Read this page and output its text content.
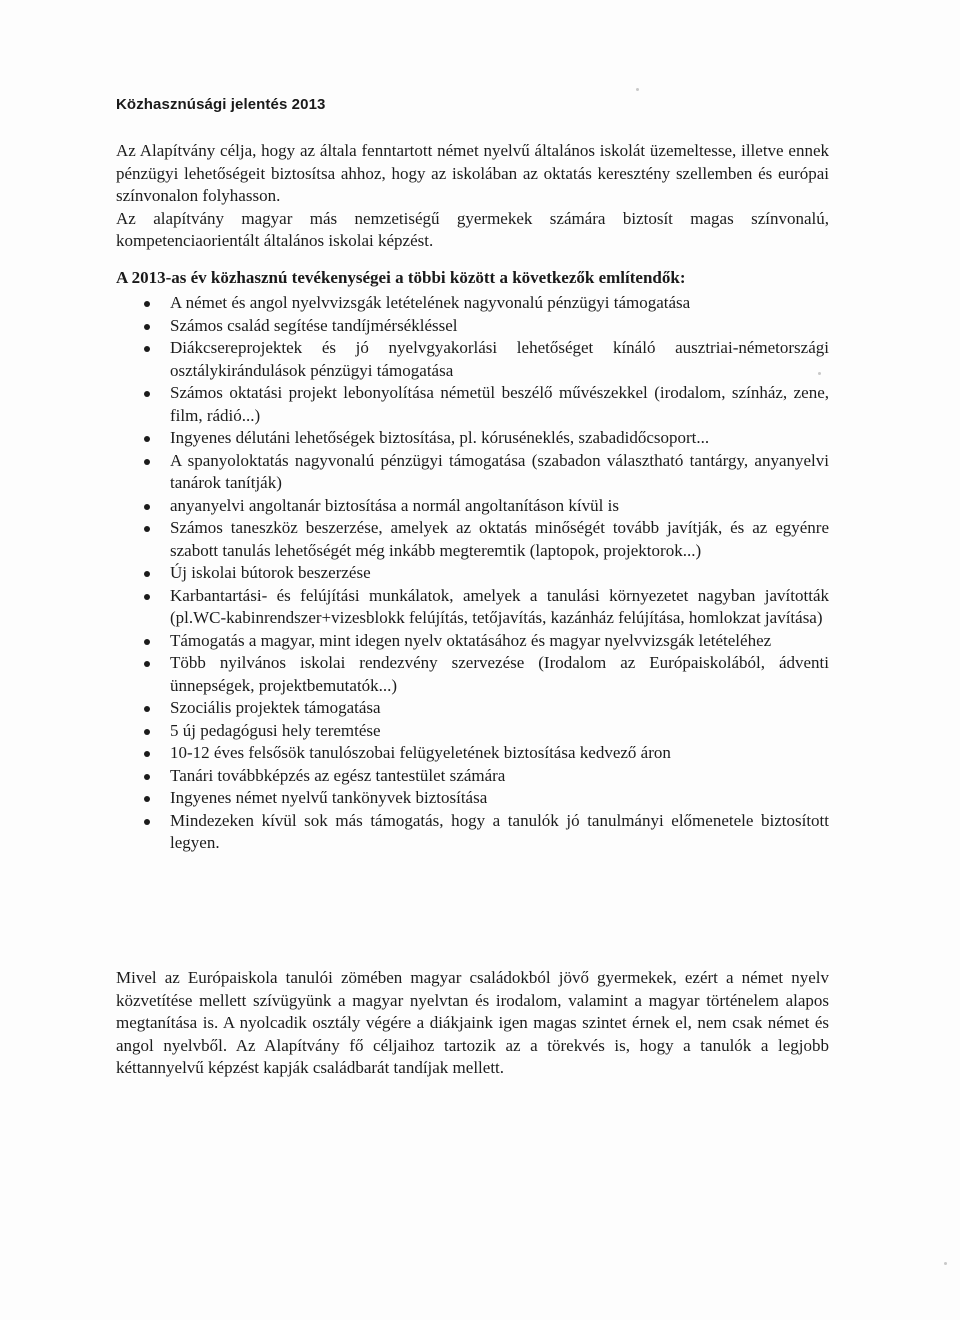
Közhasznúsági jelentés 2013

Az Alapítvány célja, hogy az általa fenntartott német nyelvű általános iskolát üzemeltesse, illetve ennek pénzügyi lehetőségeit biztosítsa ahhoz, hogy az iskolában az oktatás keresztény szellemben és európai színvonalon folyhasson.

Az alapítvány magyar más nemzetiségű gyermekek számára biztosít magas színvonalú, kompetenciaorientált általános iskolai képzést.

A 2013-as év közhasznú tevékenységei a többi között a következők említendők:
A német és angol nyelvvizsgák letételének nagyvonalú pénzügyi támogatása
Számos család segítése tandíjmérsékléssel
Diákcsereprojektek és jó nyelvgyakorlási lehetőséget kínáló ausztriai-németországi osztálykirándulások pénzügyi támogatása
Számos oktatási projekt lebonyolítása németül beszélő művészekkel (irodalom, színház, zene, film, rádió...)
Ingyenes délutáni lehetőségek biztosítása, pl. kóruséneklés, szabadidőcsoport...
A spanyoloktatás nagyvonalú pénzügyi támogatása (szabadon választható tantárgy, anyanyelvi tanárok tanítják)
anyanyelvi angoltanár biztosítása a normál angoltanításon kívül is
Számos taneszköz beszerzése, amelyek az oktatás minőségét tovább javítják, és az egyénre szabott tanulás lehetőségét még inkább megteremtik (laptopok, projektorok...)
Új iskolai bútorok beszerzése
Karbantartási- és felújítási munkálatok, amelyek a tanulási környezetet nagyban javították (pl.WC-kabinrendszer+vizesblokk felújítás, tetőjavítás, kazánház felújítása, homlokzat javítása)
Támogatás a magyar, mint idegen nyelv oktatásához és magyar nyelvvizsgák letételéhez
Több nyilvános iskolai rendezvény szervezése (Irodalom az Európaiskolából, ádventi ünnepségek, projektbemutatók...)
Szociális projektek támogatása
5 új pedagógusi hely teremtése
10-12 éves felsősök tanulószobai felügyeletének biztosítása kedvező áron
Tanári továbbképzés az egész tantestület számára
Ingyenes német nyelvű tankönyvek biztosítása
Mindezeken kívül sok más támogatás, hogy a tanulók jó tanulmányi előmenetele biztosított legyen.

Mivel az Európaiskola tanulói zömében magyar családokból jövő gyermekek, ezért a német nyelv közvetítése mellett szívügyünk a magyar nyelvtan és irodalom, valamint a magyar történelem alapos megtanítása is. A nyolcadik osztály végére a diákjaink igen magas szintet érnek el, nem csak német és angol nyelvből. Az Alapítvány fő céljaihoz tartozik az a törekvés is, hogy a tanulók a legjobb kéttannyelvű képzést kapják családbarát tandíjak mellett.
